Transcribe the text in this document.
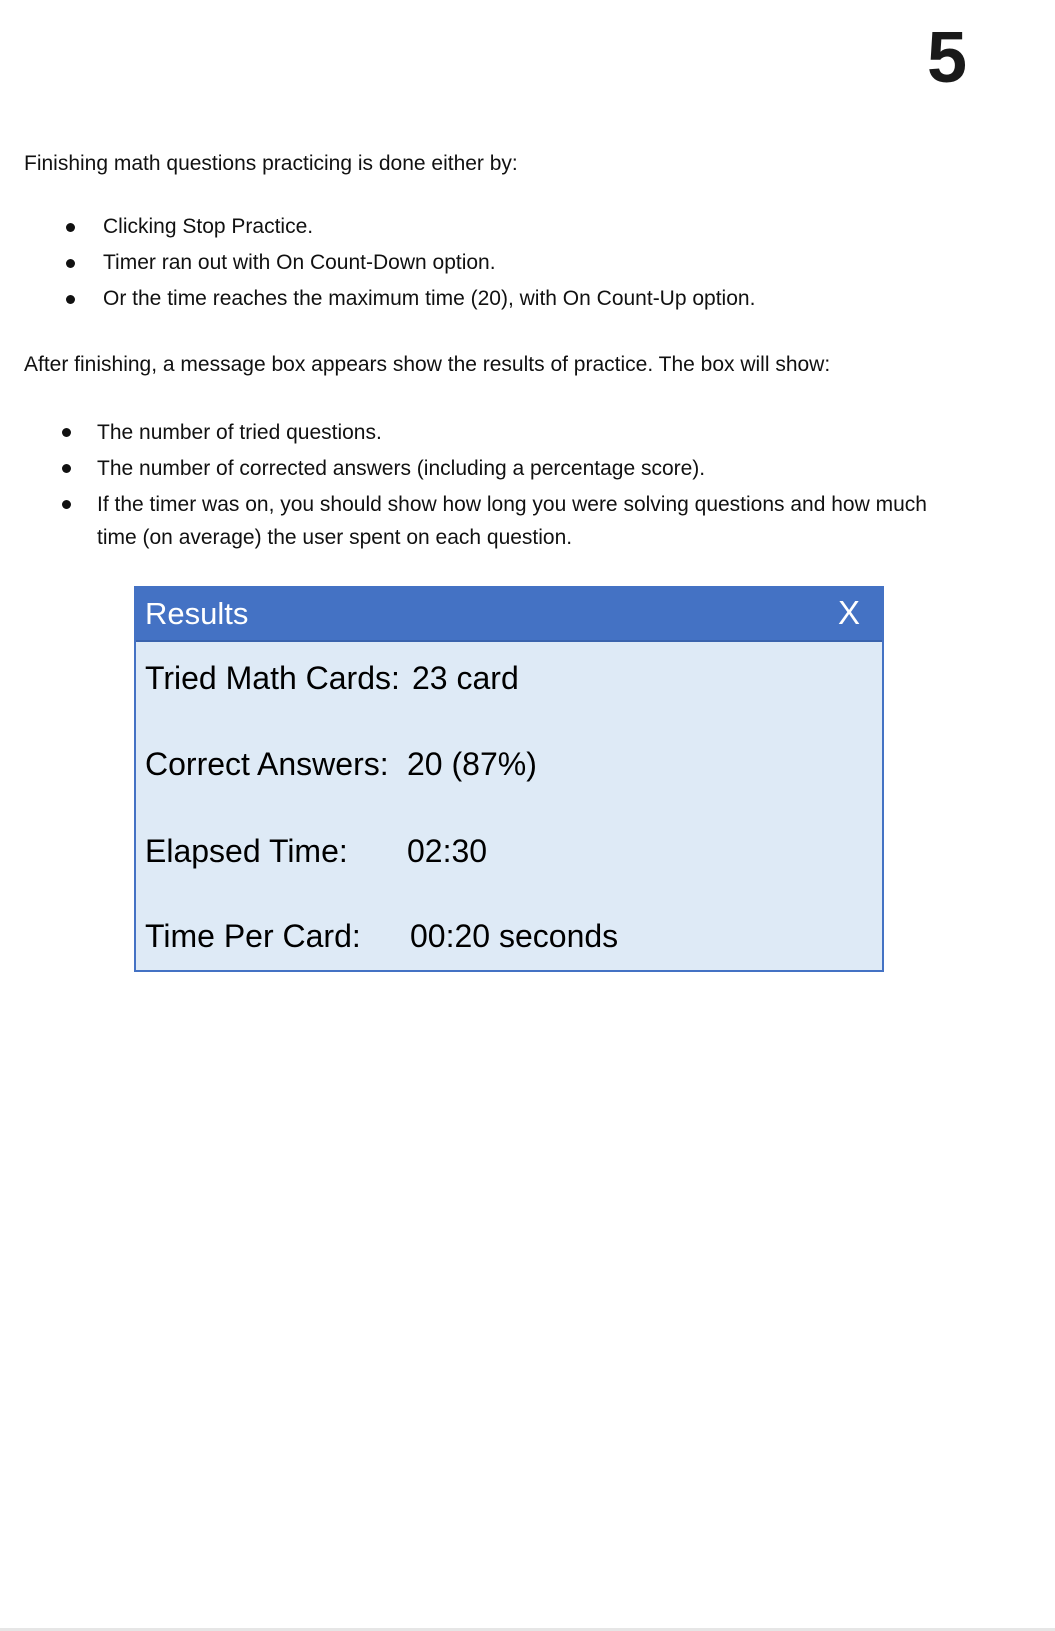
5

Finishing math questions practicing is done either by:

Clicking Stop Practice.
Timer ran out with On Count-Down option.
Or the time reaches the maximum time (20), with On Count-Up option.

After finishing, a message box appears show the results of practice. The box will show:

The number of tried questions.
The number of corrected answers (including a percentage score).
If the timer was on, you should show how long you were solving questions and how much time (on average) the user spent on each question.
Results	X
Tried Math Cards: 23 card
Correct Answers: 20 (87%)
Elapsed Time: 02:30
Time Per Card: 00:20 seconds
